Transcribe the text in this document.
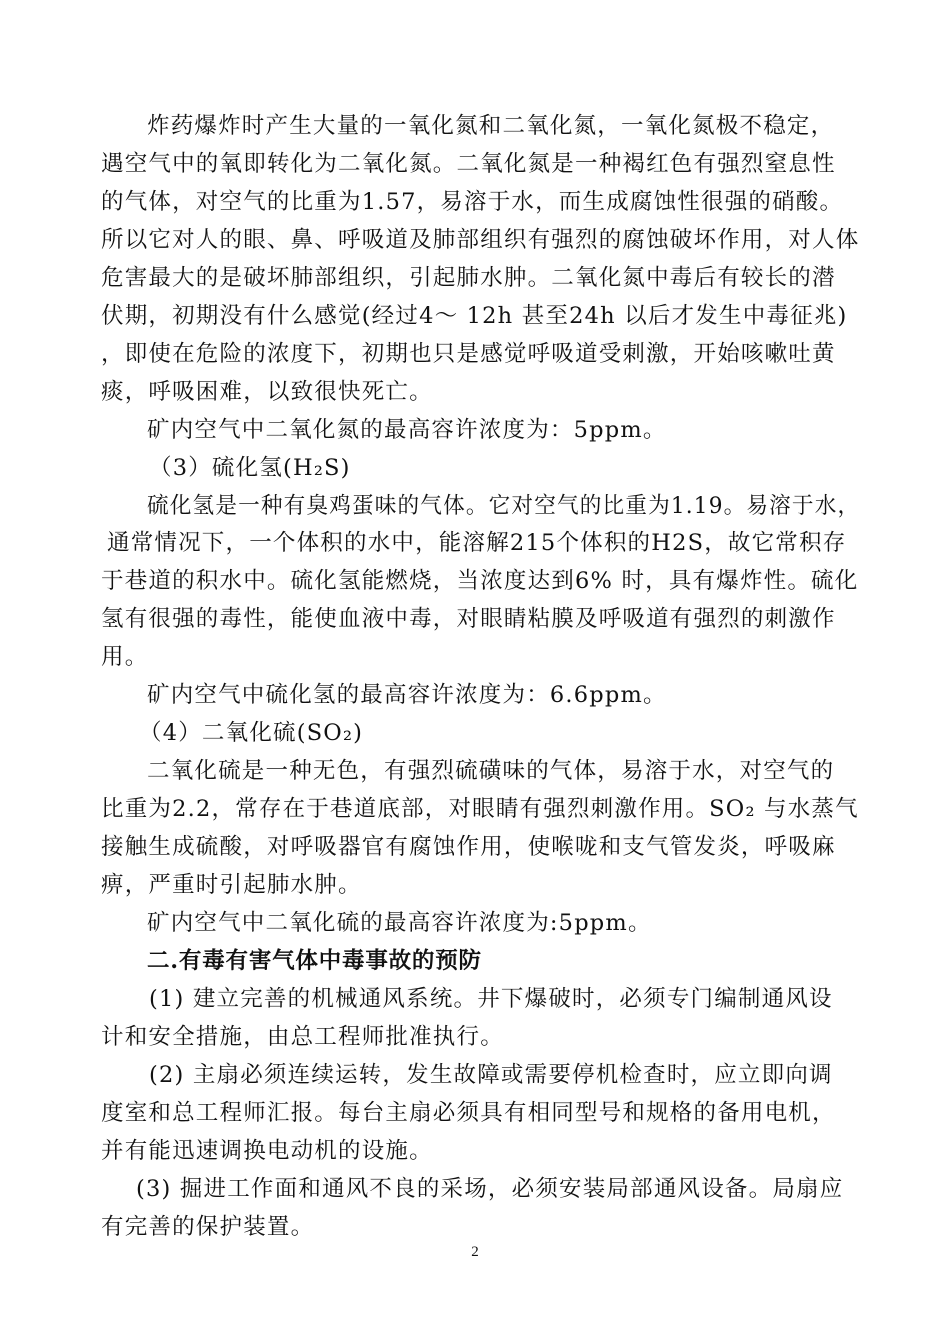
炸药爆炸时产生大量的一氧化氮和二氧化氮，一氧化氮极不稳定，
遇空气中的氧即转化为二氧化氮。二氧化氮是一种褐红色有强烈窒息性
的气体，对空气的比重为1.57，易溶于水，而生成腐蚀性很强的硝酸。
所以它对人的眼、鼻、呼吸道及肺部组织有强烈的腐蚀破坏作用，对人体
危害最大的是破坏肺部组织，引起肺水肿。二氧化氮中毒后有较长的潜
伏期，初期没有什么感觉(经过4～ 12h 甚至24h 以后才发生中毒征兆)
，即使在危险的浓度下，初期也只是感觉呼吸道受刺激，开始咳嗽吐黄
痰，呼吸困难，以致很快死亡。
矿内空气中二氧化氮的最高容许浓度为：5ppm。
（3）硫化氢(H₂S)
硫化氢是一种有臭鸡蛋味的气体。它对空气的比重为1.19。易溶于水，
通常情况下，一个体积的水中，能溶解215个体积的H2S，故它常积存
于巷道的积水中。硫化氢能燃烧，当浓度达到6% 时，具有爆炸性。硫化
氢有很强的毒性，能使血液中毒，对眼睛粘膜及呼吸道有强烈的刺激作
用。
矿内空气中硫化氢的最高容许浓度为：6.6ppm。
（4）二氧化硫(SO₂)
二氧化硫是一种无色，有强烈硫磺味的气体，易溶于水，对空气的
比重为2.2，常存在于巷道底部，对眼睛有强烈刺激作用。SO₂ 与水蒸气
接触生成硫酸，对呼吸器官有腐蚀作用，使喉咙和支气管发炎，呼吸麻
痹，严重时引起肺水肿。
矿内空气中二氧化硫的最高容许浓度为:5ppm。
二.有毒有害气体中毒事故的预防
(1) 建立完善的机械通风系统。井下爆破时，必须专门编制通风设
计和安全措施，由总工程师批准执行。
(2) 主扇必须连续运转，发生故障或需要停机检查时，应立即向调
度室和总工程师汇报。每台主扇必须具有相同型号和规格的备用电机，
并有能迅速调换电动机的设施。
(3) 掘进工作面和通风不良的采场，必须安装局部通风设备。局扇应
有完善的保护装置。
2
